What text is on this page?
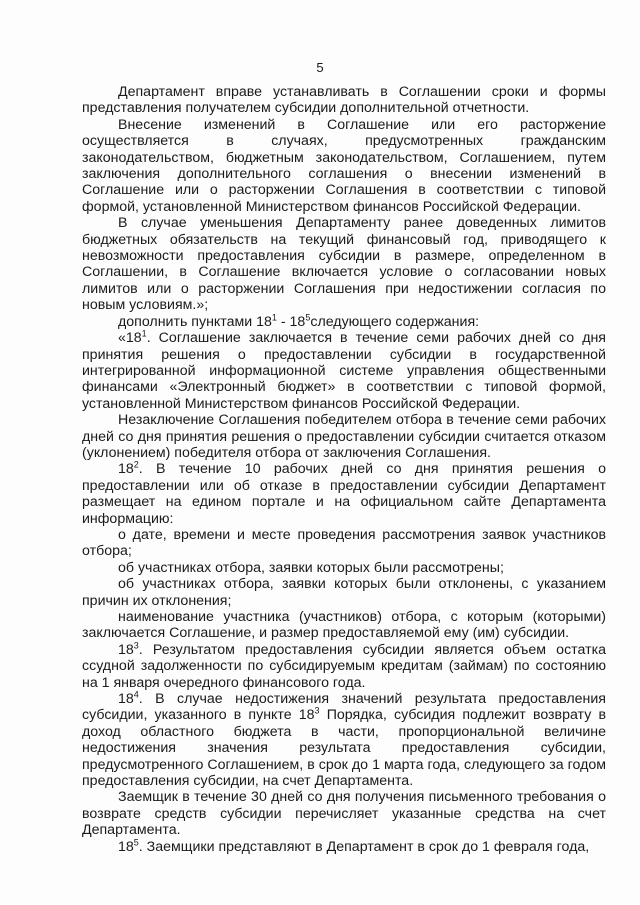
5

Департамент вправе устанавливать в Соглашении сроки и формы представления получателем субсидии дополнительной отчетности.

Внесение изменений в Соглашение или его расторжение осуществляется в случаях, предусмотренных гражданским законодательством, бюджетным законодательством, Соглашением, путем заключения дополнительного соглашения о внесении изменений в Соглашение или о расторжении Соглашения в соответствии с типовой формой, установленной Министерством финансов Российской Федерации.

В случае уменьшения Департаменту ранее доведенных лимитов бюджетных обязательств на текущий финансовый год, приводящего к невозможности предоставления субсидии в размере, определенном в Соглашении, в Соглашение включается условие о согласовании новых лимитов или о расторжении Соглашения при недостижении согласия по новым условиям.»;

дополнить пунктами $18^1$ - $18^5следующего$ содержания:

«$18^1$. Соглашение заключается в течение семи рабочих дней со дня принятия решения о предоставлении субсидии в государственной интегрированной информационной системе управления общественными финансами «Электронный бюджет» в соответствии с типовой формой, установленной Министерством финансов Российской Федерации.

Незаключение Соглашения победителем отбора в течение семи рабочих дней со дня принятия решения о предоставлении субсидии считается отказом (уклонением) победителя отбора от заключения Соглашения.

$18^2$. В течение 10 рабочих дней со дня принятия решения о предоставлении или об отказе в предоставлении субсидии Департамент размещает на едином портале и на официальном сайте Департамента информацию:

о дате, времени и месте проведения рассмотрения заявок участников отбора;

об участниках отбора, заявки которых были рассмотрены;

об участниках отбора, заявки которых были отклонены, с указанием причин их отклонения;

наименование участника (участников) отбора, с которым (которыми) заключается Соглашение, и размер предоставляемой ему (им) субсидии.

$18^3$. Результатом предоставления субсидии является объем остатка ссудной задолженности по субсидируемым кредитам (займам) по состоянию на 1 января очередного финансового года.

$18^4$. В случае недостижения значений результата предоставления субсидии, указанного в пункте $18^3$ Порядка, субсидия подлежит возврату в доход областного бюджета в части, пропорциональной величине недостижения значения результата предоставления субсидии, предусмотренного Соглашением, в срок до 1 марта года, следующего за годом предоставления субсидии, на счет Департамента.

Заемщик в течение 30 дней со дня получения письменного требования о возврате средств субсидии перечисляет указанные средства на счет Департамента.

$18^5$. Заемщики представляют в Департамент в срок до 1 февраля года,
